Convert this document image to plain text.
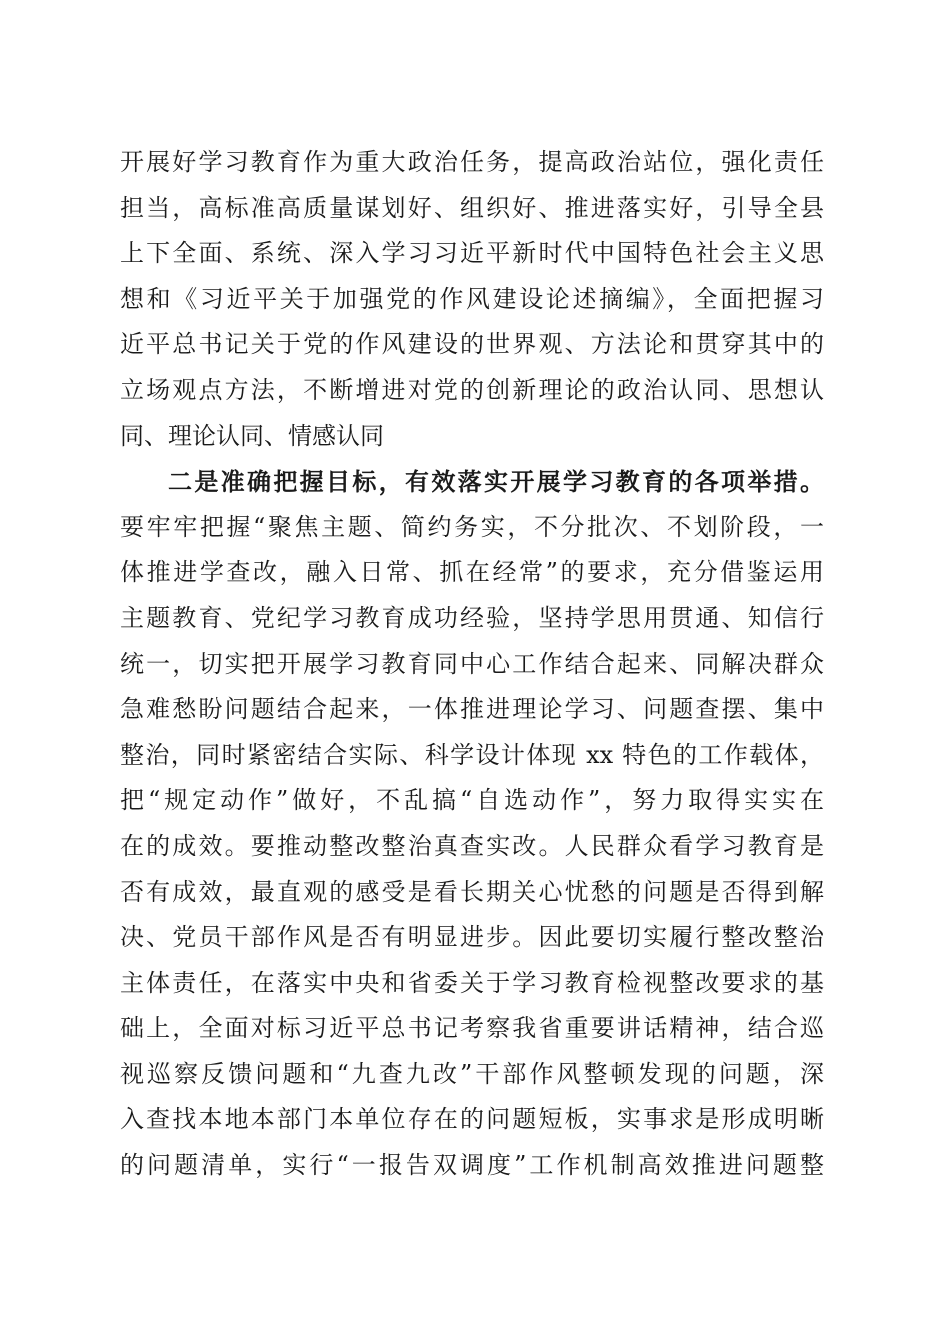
开展好学习教育作为重大政治任务，提高政治站位，强化责任
担当，高标准高质量谋划好、组织好、推进落实好，引导全县
上下全面、系统、深入学习习近平新时代中国特色社会主义思
想和《习近平关于加强党的作风建设论述摘编》，全面把握习
近平总书记关于党的作风建设的世界观、方法论和贯穿其中的
立场观点方法，不断增进对党的创新理论的政治认同、思想认
同、理论认同、情感认同
二是准确把握目标，有效落实开展学习教育的各项举措。
要牢牢把握“聚焦主题、简约务实，不分批次、不划阶段，一
体推进学查改，融入日常、抓在经常”的要求，充分借鉴运用
主题教育、党纪学习教育成功经验，坚持学思用贯通、知信行
统一，切实把开展学习教育同中心工作结合起来、同解决群众
急难愁盼问题结合起来，一体推进理论学习、问题查摆、集中
整治，同时紧密结合实际、科学设计体现 xx 特色的工作载体，
把“规定动作”做好，不乱搞“自选动作”，努力取得实实在
在的成效。要推动整改整治真查实改。人民群众看学习教育是
否有成效，最直观的感受是看长期关心忧愁的问题是否得到解
决、党员干部作风是否有明显进步。因此要切实履行整改整治
主体责任，在落实中央和省委关于学习教育检视整改要求的基
础上，全面对标习近平总书记考察我省重要讲话精神，结合巡
视巡察反馈问题和“九查九改”干部作风整顿发现的问题，深
入查找本地本部门本单位存在的问题短板，实事求是形成明晰
的问题清单，实行“一报告双调度”工作机制高效推进问题整
